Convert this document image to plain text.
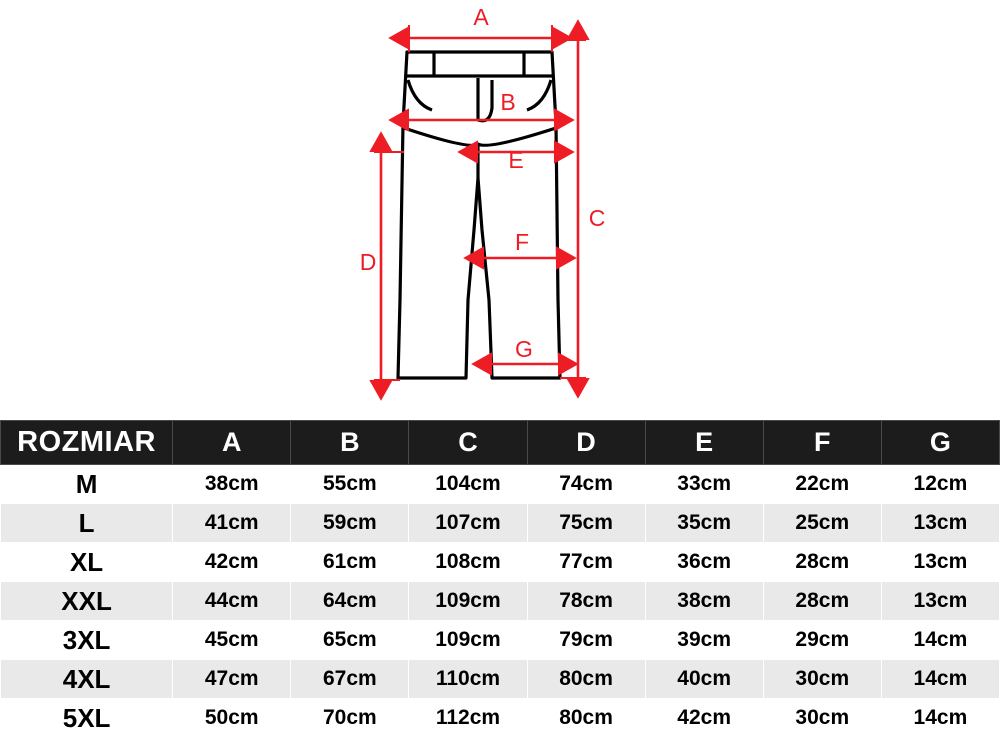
A
B
C
D
E
F
G
ROZMIAR	A	B	C	D	E	F	G
M	38cm	55cm	104cm	74cm	33cm	22cm	12cm
L	41cm	59cm	107cm	75cm	35cm	25cm	13cm
XL	42cm	61cm	108cm	77cm	36cm	28cm	13cm
XXL	44cm	64cm	109cm	78cm	38cm	28cm	13cm
3XL	45cm	65cm	109cm	79cm	39cm	29cm	14cm
4XL	47cm	67cm	110cm	80cm	40cm	30cm	14cm
5XL	50cm	70cm	112cm	80cm	42cm	30cm	14cm
